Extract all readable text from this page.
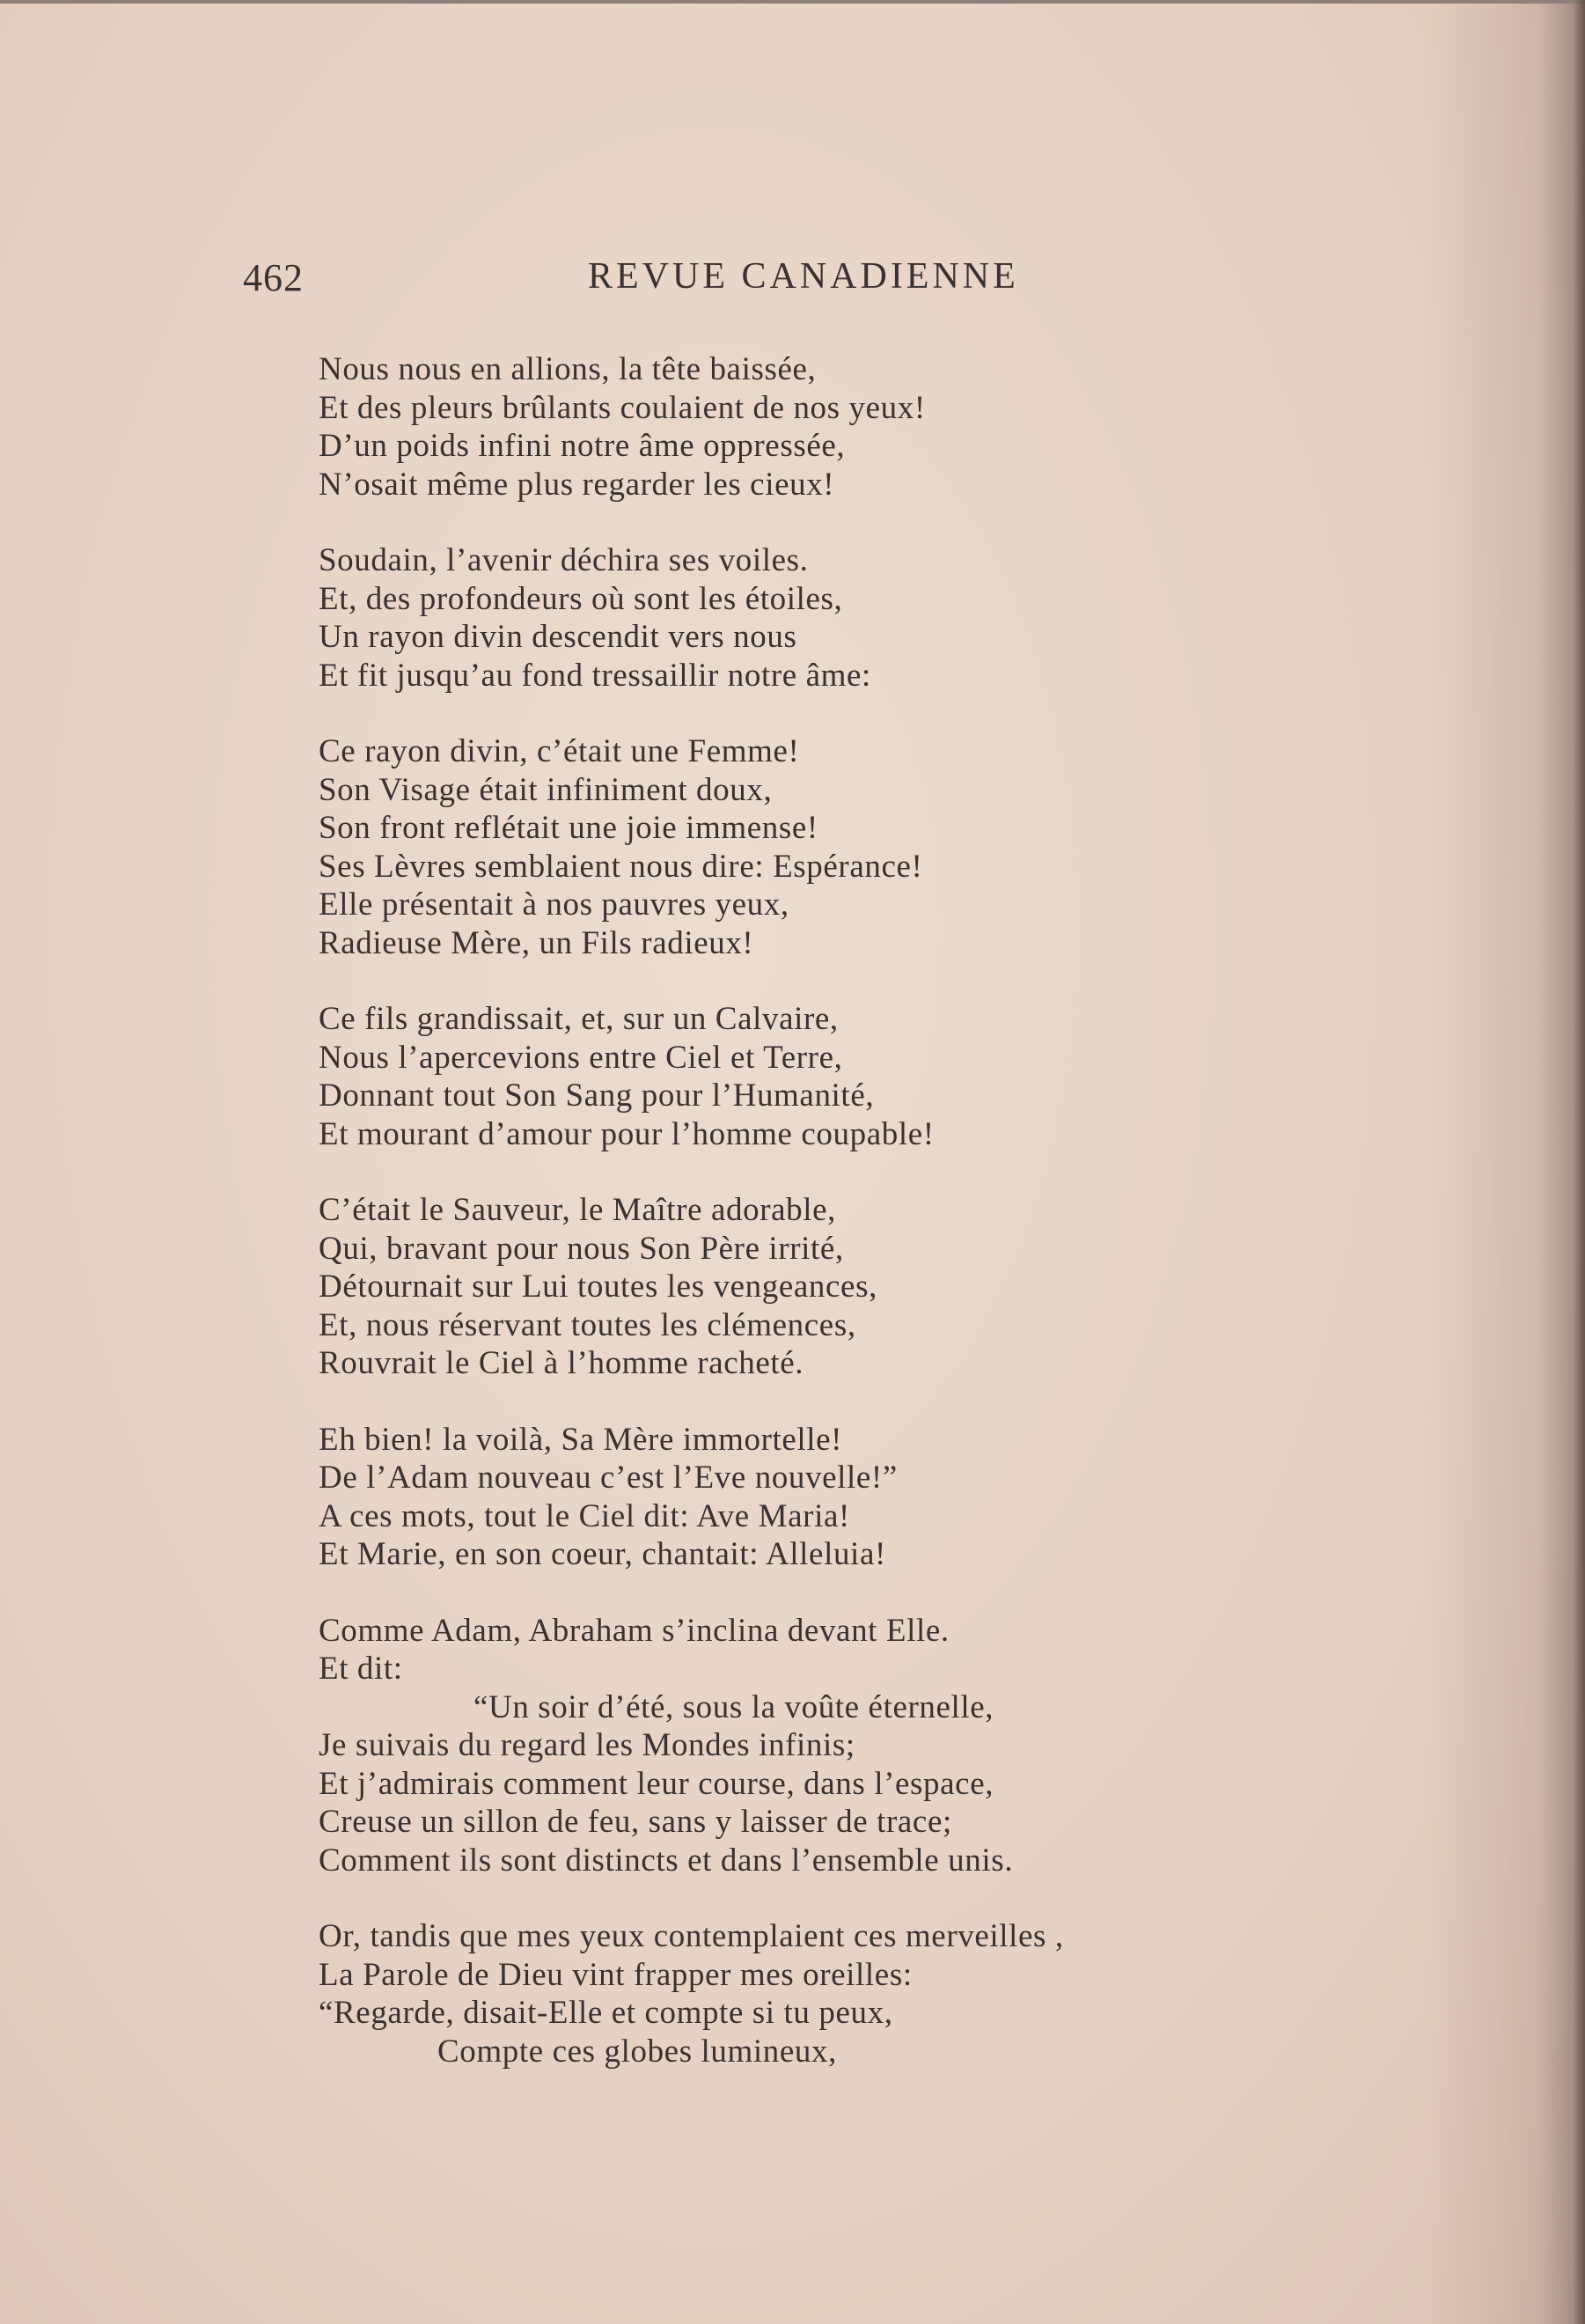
462	REVUE CANADIENNE
Nous nous en allions, la tête baissée,
Et des pleurs brûlants coulaient de nos yeux!
D’un poids infini notre âme oppressée,
N’osait même plus regarder les cieux!
Soudain, l’avenir déchira ses voiles.
Et, des profondeurs où sont les étoiles,
Un rayon divin descendit vers nous
Et fit jusqu’au fond tressaillir notre âme:
Ce rayon divin, c’était une Femme!
Son Visage était infiniment doux,
Son front reflétait une joie immense!
Ses Lèvres semblaient nous dire: Espérance!
Elle présentait à nos pauvres yeux,
Radieuse Mère, un Fils radieux!
Ce fils grandissait, et, sur un Calvaire,
Nous l’apercevions entre Ciel et Terre,
Donnant tout Son Sang pour l’Humanité,
Et mourant d’amour pour l’homme coupable!
C’était le Sauveur, le Maître adorable,
Qui, bravant pour nous Son Père irrité,
Détournait sur Lui toutes les vengeances,
Et, nous réservant toutes les clémences,
Rouvrait le Ciel à l’homme racheté.
Eh bien! la voilà, Sa Mère immortelle!
De l’Adam nouveau c’est l’Eve nouvelle!”
A ces mots, tout le Ciel dit: Ave Maria!
Et Marie, en son coeur, chantait: Alleluia!
Comme Adam, Abraham s’inclina devant Elle.
Et dit:
“Un soir d’été, sous la voûte éternelle,
Je suivais du regard les Mondes infinis;
Et j’admirais comment leur course, dans l’espace,
Creuse un sillon de feu, sans y laisser de trace;
Comment ils sont distincts et dans l’ensemble unis.
Or, tandis que mes yeux contemplaient ces merveilles ,
La Parole de Dieu vint frapper mes oreilles:
“Regarde, disait-Elle et compte si tu peux,
Compte ces globes lumineux,
